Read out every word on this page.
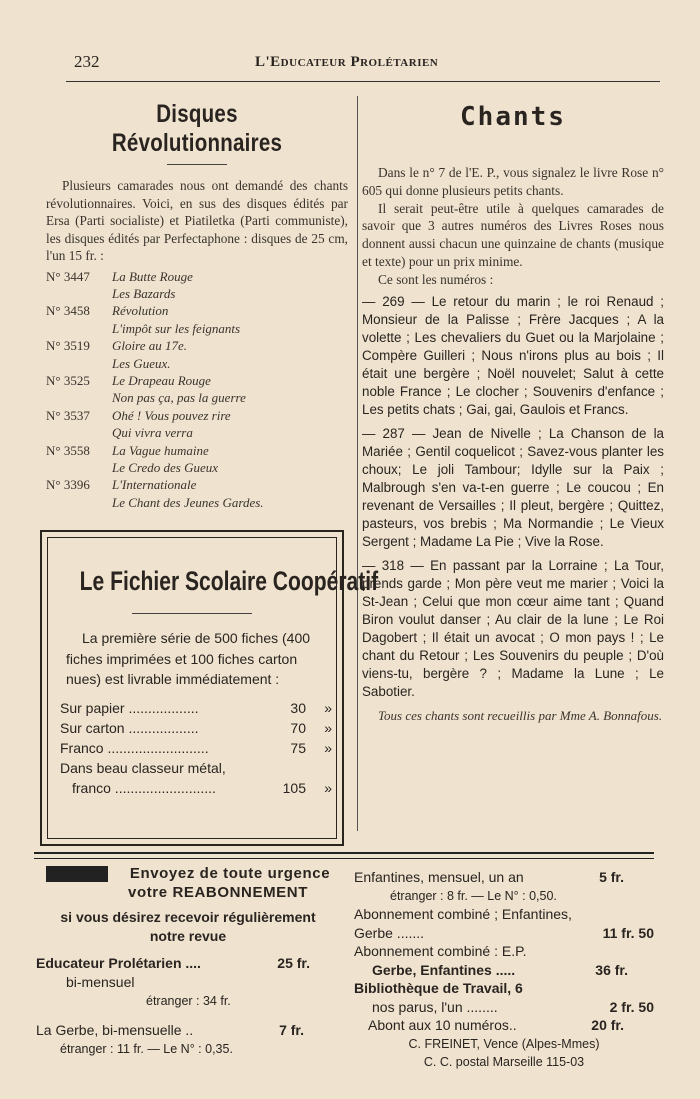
232	L'Educateur Prolétarien
Disques Révolutionnaires

Plusieurs camarades nous ont demandé des chants révolutionnaires. Voici, en sus des disques édités par Ersa (Parti socialiste) et Piatiletka (Parti communiste), les disques édités par Perfectaphone : disques de 25 cm, l'un 15 fr. :

N° 3447	La Butte Rouge
Les Bazards
N° 3458	Révolution
L'impôt sur les feignants
N° 3519	Gloire au 17e.
Les Gueux.
N° 3525	Le Drapeau Rouge
Non pas ça, pas la guerre
N° 3537	Ohé ! Vous pouvez rire
Qui vivra verra
N° 3558	La Vague humaine
Le Credo des Gueux
N° 3396	L'Internationale
Le Chant des Jeunes Gardes.
Le Fichier Scolaire Coopératif
La première série de 500 fiches (400 fiches imprimées et 100 fiches carton nues) est livrable immédiatement :
Sur papier ..................	30	»
Sur carton ..................	70	»
Franco ..........................	75	»
Dans beau classeur métal,
franco ..........................	105	»
Chants

Dans le n° 7 de l'E. P., vous signalez le livre Rose n° 605 qui donne plusieurs petits chants.

Il serait peut-être utile à quelques camarades de savoir que 3 autres numéros des Livres Roses nous donnent aussi chacun une quinzaine de chants (musique et texte) pour un prix minime.

Ce sont les numéros :

— 269 — Le retour du marin ; le roi Renaud ; Monsieur de la Palisse ; Frère Jacques ; A la volette ; Les chevaliers du Guet ou la Marjolaine ; Compère Guilleri ; Nous n'irons plus au bois ; Il était une bergère ; Noël nouvelet; Salut à cette noble France ; Le clocher ; Souvenirs d'enfance ; Les petits chats ; Gai, gai, Gaulois et Francs.

— 287 — Jean de Nivelle ; La Chanson de la Mariée ; Gentil coquelicot ; Savez-vous planter les choux; Le joli Tambour; Idylle sur la Paix ; Malbrough s'en va-t-en guerre ; Le coucou ; En revenant de Versailles ; Il pleut, bergère ; Quittez, pasteurs, vos brebis ; Ma Normandie ; Le Vieux Sergent ; Madame La Pie ; Vive la Rose.

— 318 — En passant par la Lorraine ; La Tour, prends garde ; Mon père veut me marier ; Voici la St-Jean ; Celui que mon cœur aime tant ; Quand Biron voulut danser ; Au clair de la lune ; Le Roi Dagobert ; Il était un avocat ; O mon pays ! ; Le chant du Retour ; Les Souvenirs du peuple ; D'où viens-tu, bergère ? ; Madame la Lune ; Le Sabotier.

Tous ces chants sont recueillis par Mme A. Bonnafous.
Envoyez de toute urgence
votre REABONNEMENT
si vous désirez recevoir régulièrement
notre revue
Educateur Prolétarien ....	25 fr.
bi-mensuel
étranger : 34 fr.
La Gerbe, bi-mensuelle ..	7 fr.
étranger : 11 fr. — Le N° : 0,35.
Enfantines, mensuel, un an	5 fr.
étranger : 8 fr. — Le N° : 0,50.
Abonnement combiné ; Enfantines, Gerbe .......	11 fr. 50
Abonnement combiné : E.P.
Gerbe, Enfantines .....	36 fr.
Bibliothèque de Travail, 6
nos parus, l'un ........	2 fr. 50
Abont aux 10 numéros..	20 fr.
C. FREINET, Vence (Alpes-Mmes)
C. C. postal Marseille 115-03
